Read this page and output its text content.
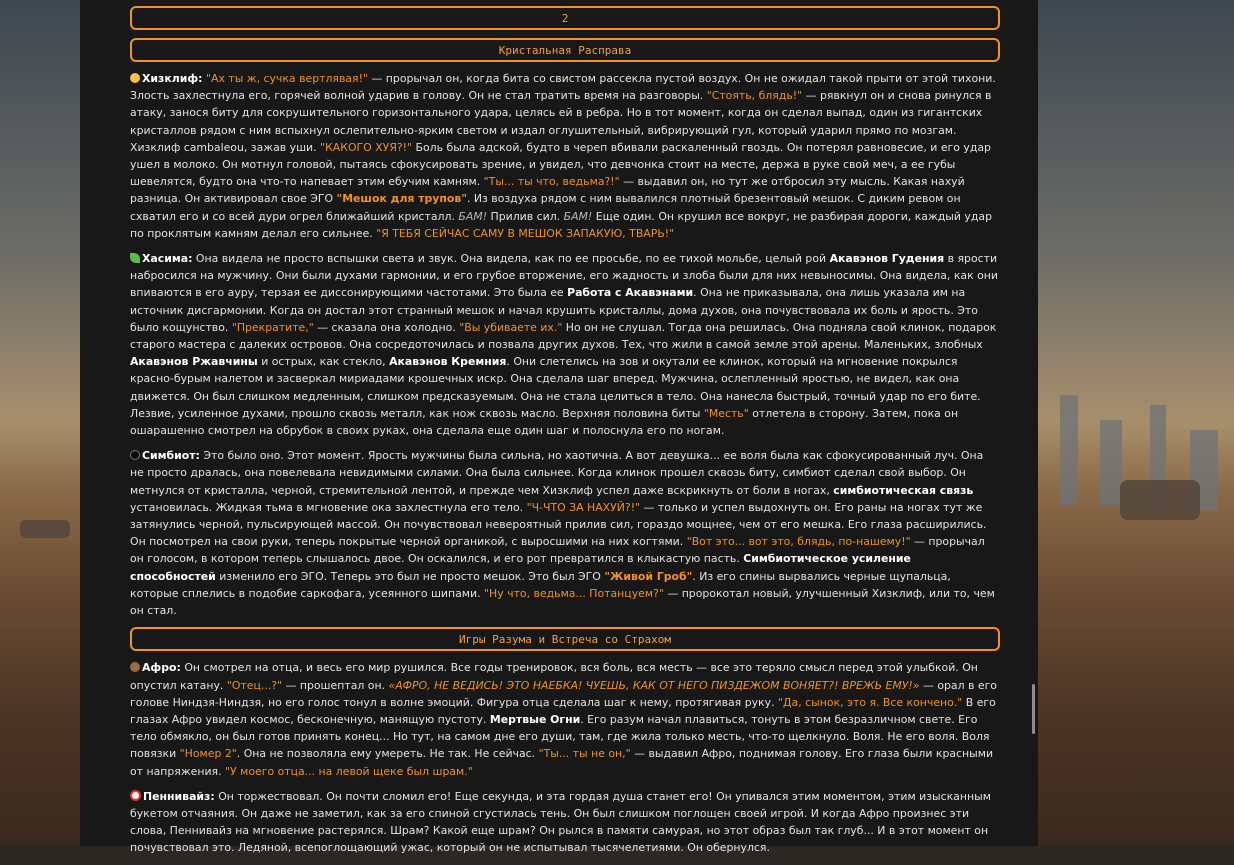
2
Кристальная Расправа

Хизклиф: "Ах ты ж, сучка вертлявая!" — прорычал он, когда бита со свистом рассекла пустой воздух. Он не ожидал такой прыти от этой тихони. Злость захлестнула его, горячей волной ударив в голову. Он не стал тратить время на разговоры. "Стоять, блядь!" — рявкнул он и снова ринулся в атаку, занося биту для сокрушительного горизонтального удара, целясь ей в ребра. Но в тот момент, когда он сделал выпад, один из гигантских кристаллов рядом с ним вспыхнул ослепительно-ярким светом и издал оглушительный, вибрирующий гул, который ударил прямо по мозгам. Хизклиф cambaleou, зажав уши. "КАКОГО ХУЯ?!" Боль была адской, будто в череп вбивали раскаленный гвоздь. Он потерял равновесие, и его удар ушел в молоко. Он мотнул головой, пытаясь сфокусировать зрение, и увидел, что девчонка стоит на месте, держа в руке свой меч, а ее губы шевелятся, будто она что-то напевает этим ебучим камням. "Ты... ты что, ведьма?!" — выдавил он, но тут же отбросил эту мысль. Какая нахуй разница. Он активировал свое ЭГО "Мешок для трупов". Из воздуха рядом с ним вывалился плотный брезентовый мешок. С диким ревом он схватил его и со всей дури огрел ближайший кристалл. БАМ! Прилив сил. БАМ! Еще один. Он крушил все вокруг, не разбирая дороги, каждый удар по проклятым камням делал его сильнее. "Я ТЕБЯ СЕЙЧАС САМУ В МЕШОК ЗАПАКУЮ, ТВАРЬ!"

Хасима: Она видела не просто вспышки света и звук. Она видела, как по ее просьбе, по ее тихой мольбе, целый рой Акавэнов Гудения в ярости набросился на мужчину. Они были духами гармонии, и его грубое вторжение, его жадность и злоба были для них невыносимы. Она видела, как они впиваются в его ауру, терзая ее диссонирующими частотами. Это была ее Работа с Акавэнами. Она не приказывала, она лишь указала им на источник дисгармонии. Когда он достал этот странный мешок и начал крушить кристаллы, дома духов, она почувствовала их боль и ярость. Это было кощунство. "Прекратите," — сказала она холодно. "Вы убиваете их." Но он не слушал. Тогда она решилась. Она подняла свой клинок, подарок старого мастера с далеких островов. Она сосредоточилась и позвала других духов. Тех, что жили в самой земле этой арены. Маленьких, злобных Акавэнов Ржавчины и острых, как стекло, Акавэнов Кремния. Они слетелись на зов и окутали ее клинок, который на мгновение покрылся красно-бурым налетом и засверкал мириадами крошечных искр. Она сделала шаг вперед. Мужчина, ослепленный яростью, не видел, как она движется. Он был слишком медленным, слишком предсказуемым. Она не стала целиться в тело. Она нанесла быстрый, точный удар по его бите. Лезвие, усиленное духами, прошло сквозь металл, как нож сквозь масло. Верхняя половина биты "Месть" отлетела в сторону. Затем, пока он ошарашенно смотрел на обрубок в своих руках, она сделала еще один шаг и полоснула его по ногам.

Симбиот: Это было оно. Этот момент. Ярость мужчины была сильна, но хаотична. А вот девушка... ее воля была как сфокусированный луч. Она не просто дралась, она повелевала невидимыми силами. Она была сильнее. Когда клинок прошел сквозь биту, симбиот сделал свой выбор. Он метнулся от кристалла, черной, стремительной лентой, и прежде чем Хизклиф успел даже вскрикнуть от боли в ногах, симбиотическая связь установилась. Жидкая тьма в мгновение ока захлестнула его тело. "Ч-ЧТО ЗА НАХУЙ?!" — только и успел выдохнуть он. Его раны на ногах тут же затянулись черной, пульсирующей массой. Он почувствовал невероятный прилив сил, гораздо мощнее, чем от его мешка. Его глаза расширились. Он посмотрел на свои руки, теперь покрытые черной органикой, с выросшими на них когтями. "Вот это... вот это, блядь, по-нашему!" — прорычал он голосом, в котором теперь слышалось двое. Он оскалился, и его рот превратился в клыкастую пасть. Симбиотическое усиление способностей изменило его ЭГО. Теперь это был не просто мешок. Это был ЭГО "Живой Гроб". Из его спины вырвались черные щупальца, которые сплелись в подобие саркофага, усеянного шипами. "Ну что, ведьма... Потанцуем?" — пророкотал новый, улучшенный Хизклиф, или то, чем он стал.

Игры Разума и Встреча со Страхом

Афро: Он смотрел на отца, и весь его мир рушился. Все годы тренировок, вся боль, вся месть — все это теряло смысл перед этой улыбкой. Он опустил катану. "Отец...?" — прошептал он. «АФРО, НЕ ВЕДИСЬ! ЭТО НАЕБКА! ЧУЕШЬ, КАК ОТ НЕГО ПИЗДЕЖОМ ВОНЯЕТ?! ВРЕЖЬ ЕМУ!» — орал в его голове Ниндзя-Ниндзя, но его голос тонул в волне эмоций. Фигура отца сделала шаг к нему, протягивая руку. "Да, сынок, это я. Все кончено." В его глазах Афро увидел космос, бесконечную, манящую пустоту. Мертвые Огни. Его разум начал плавиться, тонуть в этом безразличном свете. Его тело обмякло, он был готов принять конец... Но тут, на самом дне его души, там, где жила только месть, что-то щелкнуло. Воля. Не его воля. Воля повязки "Номер 2". Она не позволяла ему умереть. Не так. Не сейчас. "Ты... ты не он," — выдавил Афро, поднимая голову. Его глаза были красными от напряжения. "У моего отца... на левой щеке был шрам."

Пеннивайз: Он торжествовал. Он почти сломил его! Еще секунда, и эта гордая душа станет его! Он упивался этим моментом, этим изысканным букетом отчаяния. Он даже не заметил, как за его спиной сгустилась тень. Он был слишком поглощен своей игрой. И когда Афро произнес эти слова, Пеннивайз на мгновение растерялся. Шрам? Какой еще шрам? Он рылся в памяти самурая, но этот образ был так глуб... И в этот момент он почувствовал это. Ледяной, всепоглощающий ужас, который он не испытывал тысячелетиями. Он обернулся.
